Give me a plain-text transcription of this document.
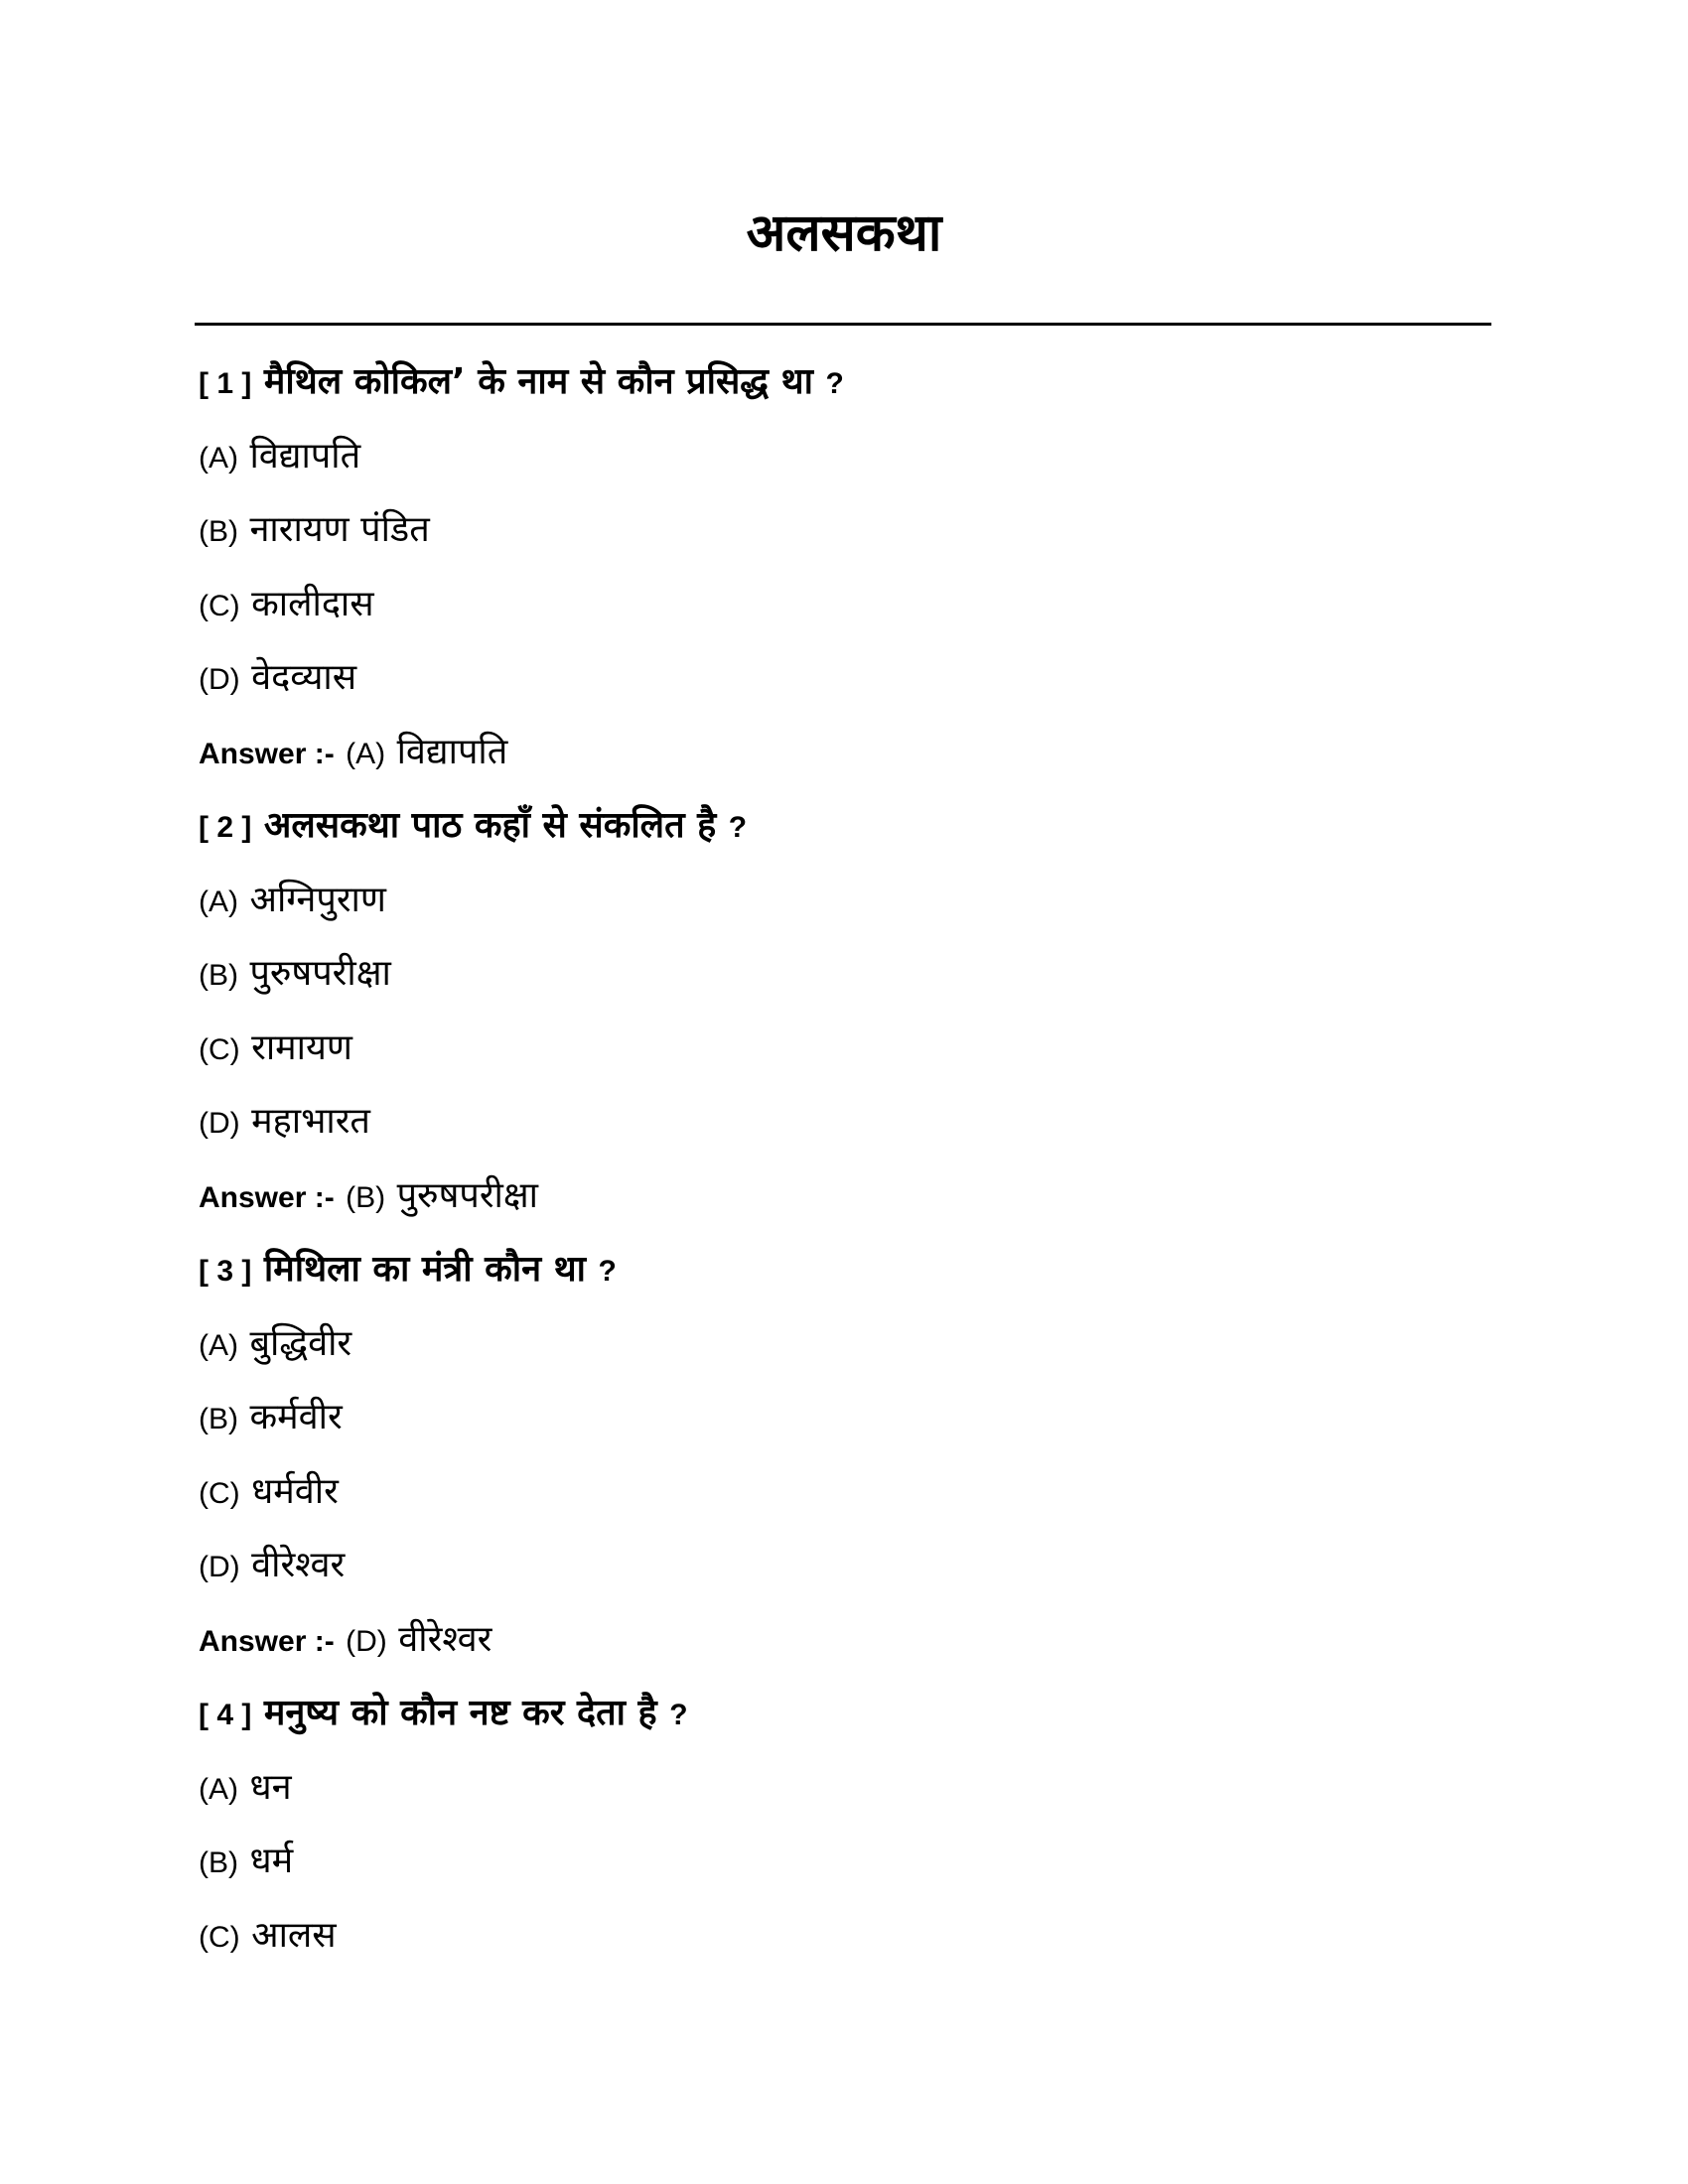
अलसकथा
[ 1 ] मैथिल कोकिल’ के नाम से कौन प्रसिद्ध था ?
(A) विद्यापति
(B) नारायण पंडित
(C) कालीदास
(D) वेदव्यास
Answer :- (A) विद्यापति
[ 2 ] अलसकथा पाठ कहाँ से संकलित है ?
(A) अग्निपुराण
(B) पुरुषपरीक्षा
(C) रामायण
(D) महाभारत
Answer :- (B) पुरुषपरीक्षा
[ 3 ] मिथिला का मंत्री कौन था ?
(A) बुद्धिवीर
(B) कर्मवीर
(C) धर्मवीर
(D) वीरेश्वर
Answer :- (D) वीरेश्वर
[ 4 ] मनुष्य को कौन नष्ट कर देता है ?
(A) धन
(B) धर्म
(C) आलस
